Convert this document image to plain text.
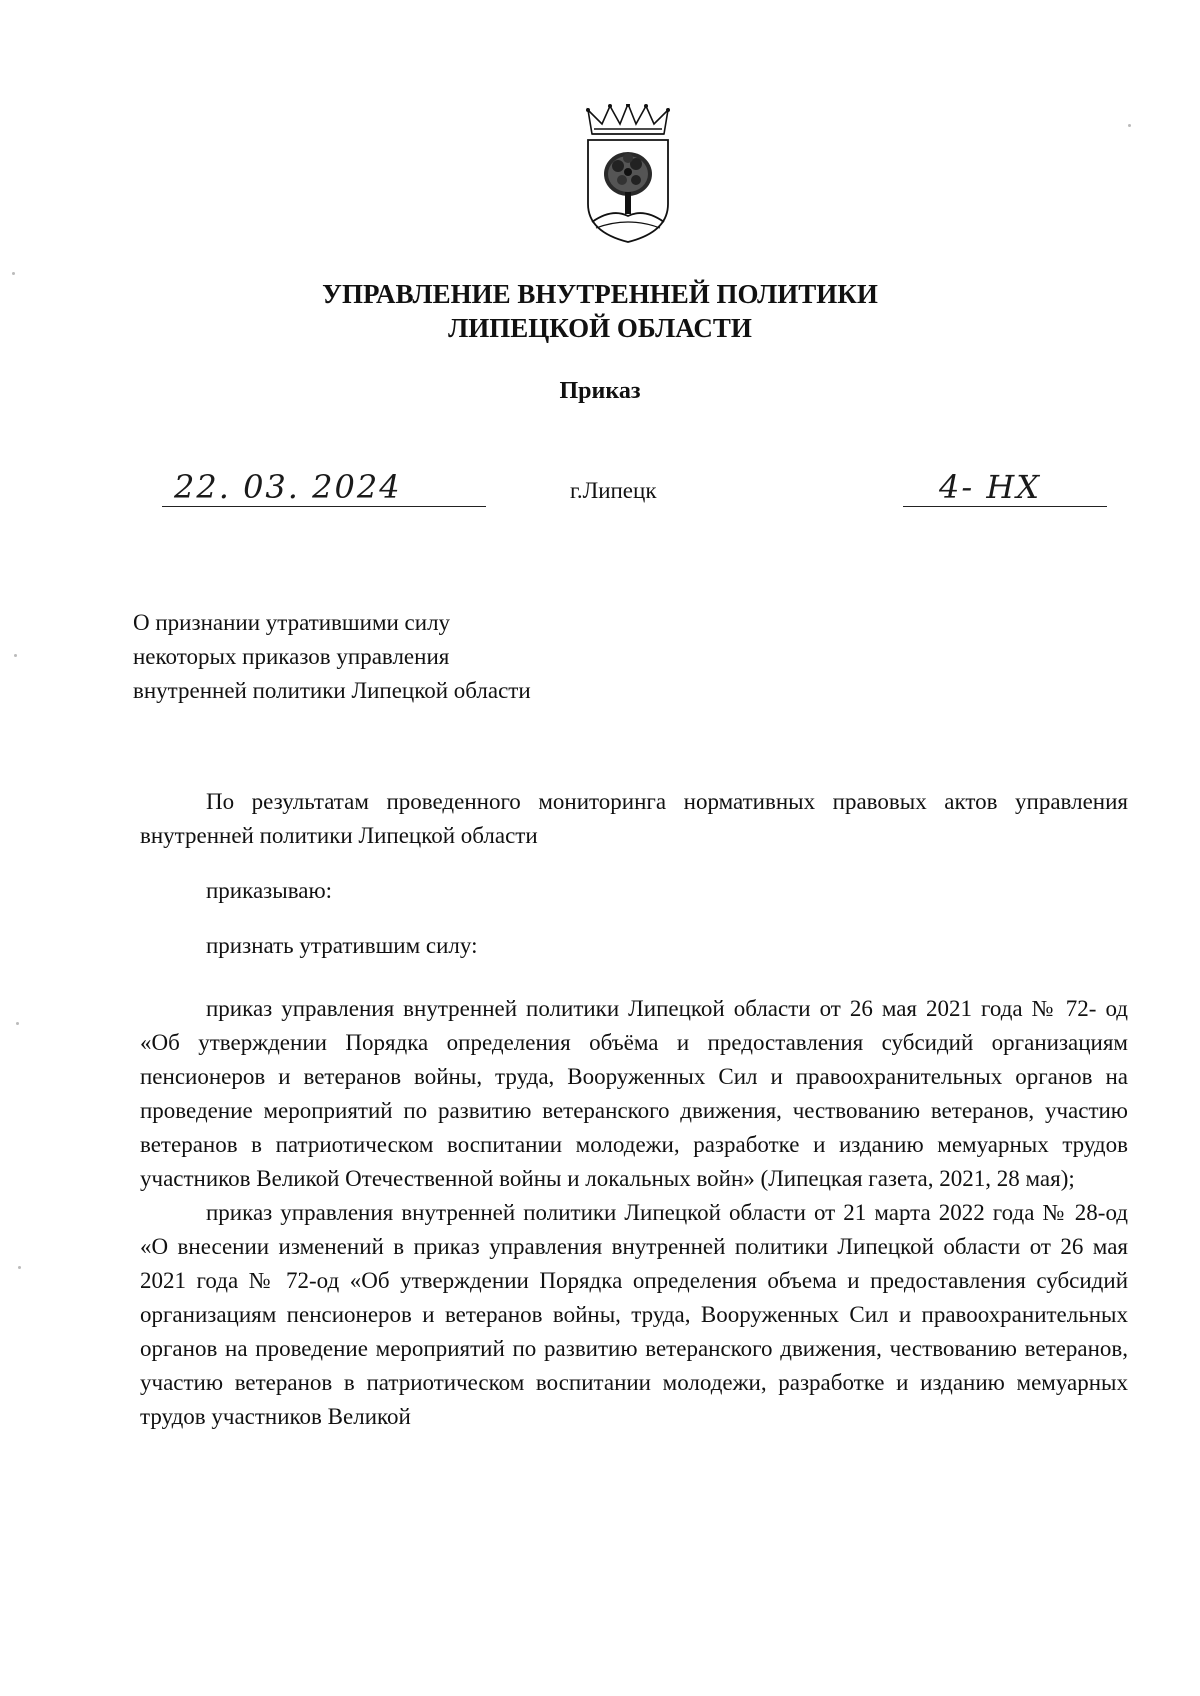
УПРАВЛЕНИЕ ВНУТРЕННЕЙ ПОЛИТИКИ
ЛИПЕЦКОЙ ОБЛАСТИ
Приказ
22. 03. 2024	г.Липецк	4- НХ
О признании утратившими силу
некоторых приказов управления
внутренней политики Липецкой области

По результатам проведенного мониторинга нормативных правовых актов управления внутренней политики Липецкой области

приказываю:
признать утратившим силу:

приказ управления внутренней политики Липецкой области от 26 мая 2021 года № 72- од «Об утверждении Порядка определения объёма и предоставления субсидий организациям пенсионеров и ветеранов войны, труда, Вооруженных Сил и правоохранительных органов на проведение мероприятий по развитию ветеранского движения, чествованию ветеранов, участию ветеранов в патриотическом воспитании молодежи, разработке и изданию мемуарных трудов участников Великой Отечественной войны и локальных войн» (Липецкая газета, 2021, 28 мая);

приказ управления внутренней политики Липецкой области от 21 марта 2022 года № 28-од «О внесении изменений в приказ управления внутренней политики Липецкой области от 26 мая 2021 года № 72-од «Об утверждении Порядка определения объема и предоставления субсидий организациям пенсионеров и ветеранов войны, труда, Вооруженных Сил и правоохранительных органов на проведение мероприятий по развитию ветеранского движения, чествованию ветеранов, участию ветеранов в патриотическом воспитании молодежи, разработке и изданию мемуарных трудов участников Великой
